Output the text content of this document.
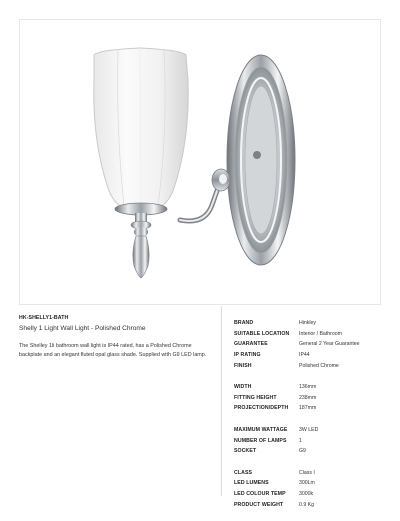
HK-SHELLY1-BATH
Shelly 1 Light Wall Light - Polished Chrome
The Shelley 1li bathroom wall light is IP44 rated, has a Polished Chrome backplate and an elegant fluted opal glass shade. Supplied with G9 LED lamp.
BRAND	Hinkley
SUITABLE LOCATION	Interior / Bathroom
GUARANTEE	General 2 Year Guarantee
IP RATING	IP44
FINISH	Polished Chrome
WIDTH	136mm
FITTING HEIGHT	238mm
PROJECTION/DEPTH	187mm
MAXIMUM WATTAGE	3W LED
NUMBER OF LAMPS	1
SOCKET	G9
CLASS	Class I
LED LUMENS	300Lm
LED COLOUR TEMP	3000k
PRODUCT WEIGHT	0.9 Kg
